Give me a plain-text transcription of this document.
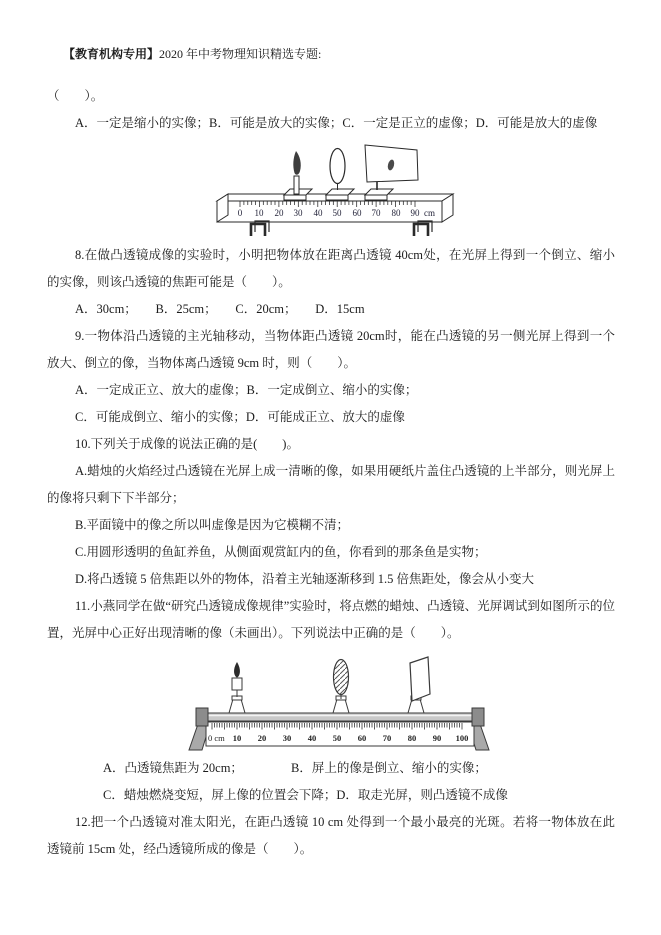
【教育机构专用】2020 年中考物理知识精选专题:

（　　）。

A．一定是缩小的实像；B．可能是放大的实像；C．一定是正立的虚像；D．可能是放大的虚像

0 10 20 30 40 50 60 70 80 90 cm

8.在做凸透镜成像的实验时，小明把物体放在距离凸透镜 40cm处，在光屏上得到一个倒立、缩小的实像，则该凸透镜的焦距可能是（　　）。

A．30cm；　　B．25cm；　　C．20cm；　　D．15cm

9.一物体沿凸透镜的主光轴移动，当物体距凸透镜 20cm时，能在凸透镜的另一侧光屏上得到一个放大、倒立的像，当物体离凸透镜 9cm 时，则（　　）。

A．一定成正立、放大的虚像；B．一定成倒立、缩小的实像；

C．可能成倒立、缩小的实像；D．可能成正立、放大的虚像

10.下列关于成像的说法正确的是(　　)。

A.蜡烛的火焰经过凸透镜在光屏上成一清晰的像，如果用硬纸片盖住凸透镜的上半部分，则光屏上的像将只剩下下半部分；

B.平面镜中的像之所以叫虚像是因为它模糊不清；

C.用圆形透明的鱼缸养鱼，从侧面观赏缸内的鱼，你看到的那条鱼是实物；

D.将凸透镜 5 倍焦距以外的物体，沿着主光轴逐渐移到 1.5 倍焦距处，像会从小变大

11.小燕同学在做“研究凸透镜成像规律”实验时，将点燃的蜡烛、凸透镜、光屏调试到如图所示的位置，光屏中心正好出现清晰的像（未画出）。下列说法中正确的是（　　）。

0 cm 10 20 30 40 50 60 70 80 90 100

A．凸透镜焦距为 20cm；	B．屏上的像是倒立、缩小的实像；

C．蜡烛燃烧变短，屏上像的位置会下降；D．取走光屏，则凸透镜不成像

12.把一个凸透镜对准太阳光，在距凸透镜 10 cm 处得到一个最小最亮的光斑。若将一物体放在此透镜前 15cm 处，经凸透镜所成的像是（　　）。
